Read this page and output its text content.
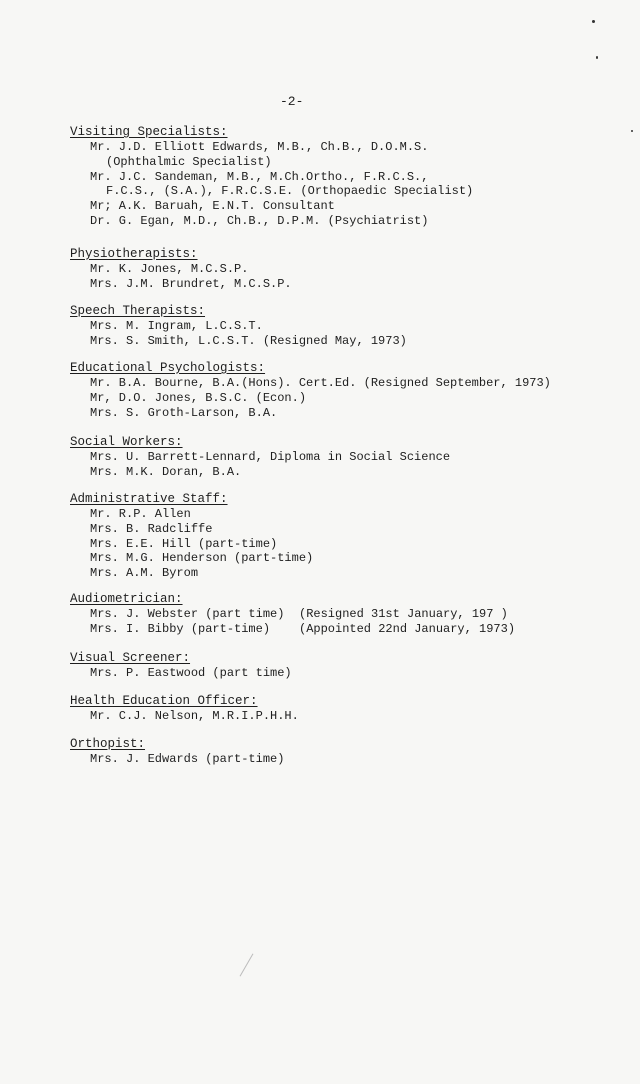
-2-
Visiting Specialists:
Mr. J.D. Elliott Edwards, M.B., Ch.B., D.O.M.S.
(Ophthalmic Specialist)
Mr. J.C. Sandeman, M.B., M.Ch.Ortho., F.R.C.S.,
F.C.S., (S.A.), F.R.C.S.E. (Orthopaedic Specialist)
Mr; A.K. Baruah, E.N.T. Consultant
Dr. G. Egan, M.D., Ch.B., D.P.M. (Psychiatrist)
Physiotherapists:
Mr. K. Jones, M.C.S.P.
Mrs. J.M. Brundret, M.C.S.P.
Speech Therapists:
Mrs. M. Ingram, L.C.S.T.
Mrs. S. Smith, L.C.S.T. (Resigned May, 1973)
Educational Psychologists:
Mr. B.A. Bourne, B.A.(Hons). Cert.Ed. (Resigned September, 1973)
Mr, D.O. Jones, B.S.C. (Econ.)
Mrs. S. Groth-Larson, B.A.
Social Workers:
Mrs. U. Barrett-Lennard, Diploma in Social Science
Mrs. M.K. Doran, B.A.
Administrative Staff:
Mr. R.P. Allen
Mrs. B. Radcliffe
Mrs. E.E. Hill (part-time)
Mrs. M.G. Henderson (part-time)
Mrs. A.M. Byrom
Audiometrician:
Mrs. J. Webster (part time)	(Resigned 31st January, 197 )
Mrs. I. Bibby (part-time)	(Appointed 22nd January, 1973)
Visual Screener:
Mrs. P. Eastwood (part time)
Health Education Officer:
Mr. C.J. Nelson, M.R.I.P.H.H.
Orthopist:
Mrs. J. Edwards (part-time)
